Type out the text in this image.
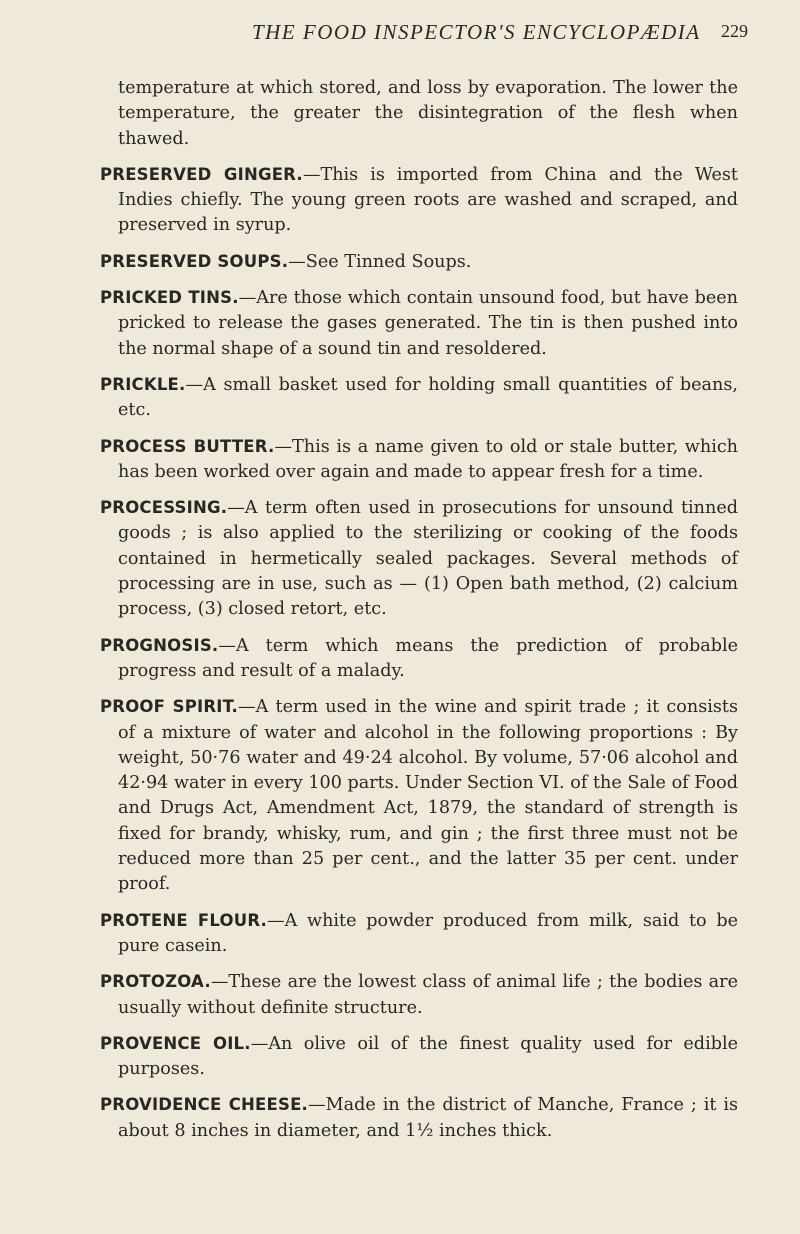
THE FOOD INSPECTOR'S ENCYCLOPÆDIA 229

temperature at which stored, and loss by evaporation. The lower the temperature, the greater the disintegration of the flesh when thawed.

PRESERVED GINGER.—This is imported from China and the West Indies chiefly. The young green roots are washed and scraped, and preserved in syrup.

PRESERVED SOUPS.—See Tinned Soups.

PRICKED TINS.—Are those which contain unsound food, but have been pricked to release the gases generated. The tin is then pushed into the normal shape of a sound tin and resoldered.

PRICKLE.—A small basket used for holding small quantities of beans, etc.

PROCESS BUTTER.—This is a name given to old or stale butter, which has been worked over again and made to appear fresh for a time.

PROCESSING.—A term often used in prosecutions for unsound tinned goods ; is also applied to the sterilizing or cooking of the foods contained in hermetically sealed packages. Several methods of processing are in use, such as — (1) Open bath method, (2) calcium process, (3) closed retort, etc.

PROGNOSIS.—A term which means the prediction of probable progress and result of a malady.

PROOF SPIRIT.—A term used in the wine and spirit trade ; it consists of a mixture of water and alcohol in the following proportions : By weight, 50·76 water and 49·24 alcohol. By volume, 57·06 alcohol and 42·94 water in every 100 parts. Under Section VI. of the Sale of Food and Drugs Act, Amendment Act, 1879, the standard of strength is fixed for brandy, whisky, rum, and gin ; the first three must not be reduced more than 25 per cent., and the latter 35 per cent. under proof.

PROTENE FLOUR.—A white powder produced from milk, said to be pure casein.

PROTOZOA.—These are the lowest class of animal life ; the bodies are usually without definite structure.

PROVENCE OIL.—An olive oil of the finest quality used for edible purposes.

PROVIDENCE CHEESE.—Made in the district of Manche, France ; it is about 8 inches in diameter, and 1½ inches thick.
